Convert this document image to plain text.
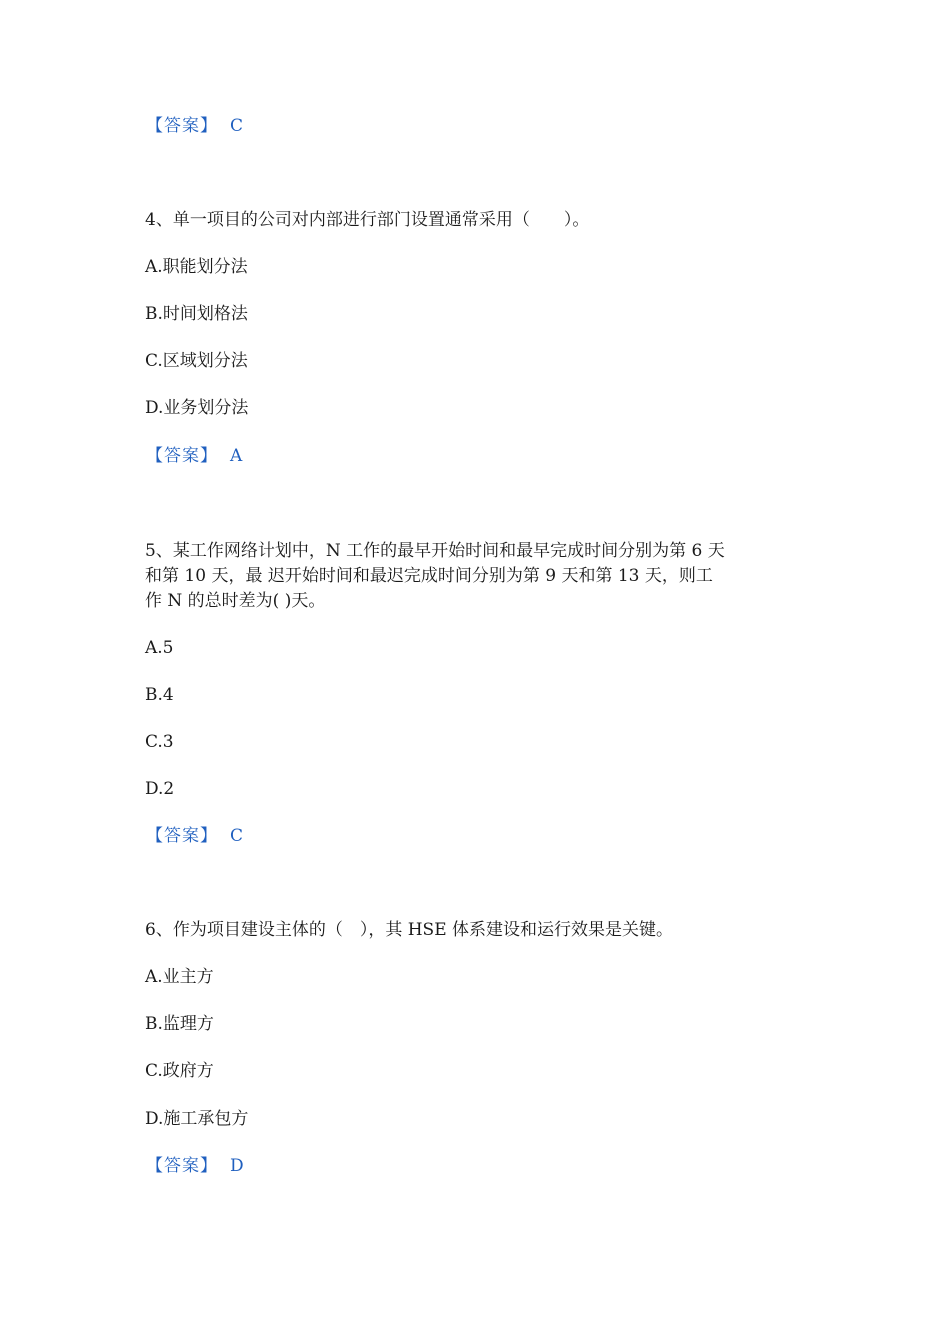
【答案】 C
4、单一项目的公司对内部进行部门设置通常采用（　　）。
A.职能划分法
B.时间划格法
C.区域划分法
D.业务划分法
【答案】 A
5、某工作网络计划中，N 工作的最早开始时间和最早完成时间分别为第 6 天
和第 10 天，最 迟开始时间和最迟完成时间分别为第 9 天和第 13 天，则工
作 N 的总时差为( )天。
A.5
B.4
C.3
D.2
【答案】 C
6、作为项目建设主体的（　），其 HSE 体系建设和运行效果是关键。
A.业主方
B.监理方
C.政府方
D.施工承包方
【答案】 D
